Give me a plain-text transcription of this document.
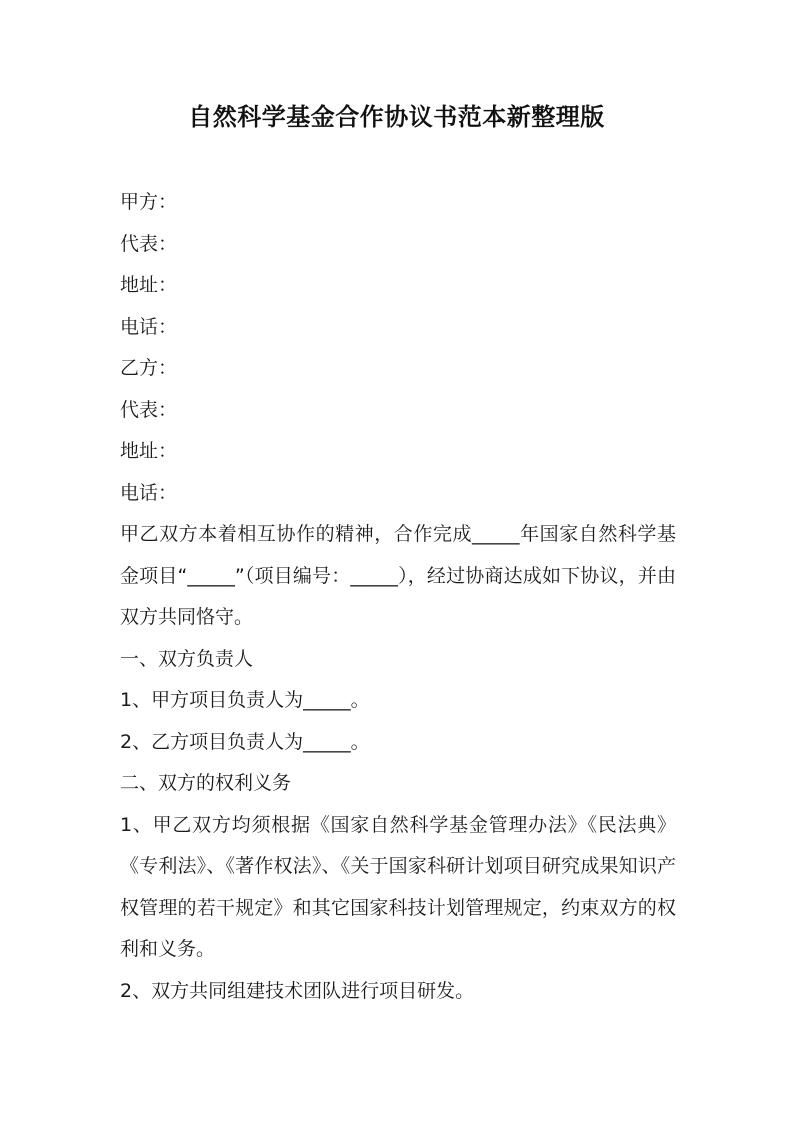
自然科学基金合作协议书范本新整理版

甲方：

代表：

地址：

电话：

乙方：

代表：

地址：

电话：

甲乙双方本着相互协作的精神，合作完成_____年国家自然科学基金项目“_____”（项目编号：_____），经过协商达成如下协议，并由双方共同恪守。

一、双方负责人

1、甲方项目负责人为_____。

2、乙方项目负责人为_____。

二、双方的权利义务

1、甲乙双方均须根据《国家自然科学基金管理办法》《民法典》《专利法》、《著作权法》、《关于国家科研计划项目研究成果知识产权管理的若干规定》和其它国家科技计划管理规定，约束双方的权利和义务。

2、双方共同组建技术团队进行项目研发。
